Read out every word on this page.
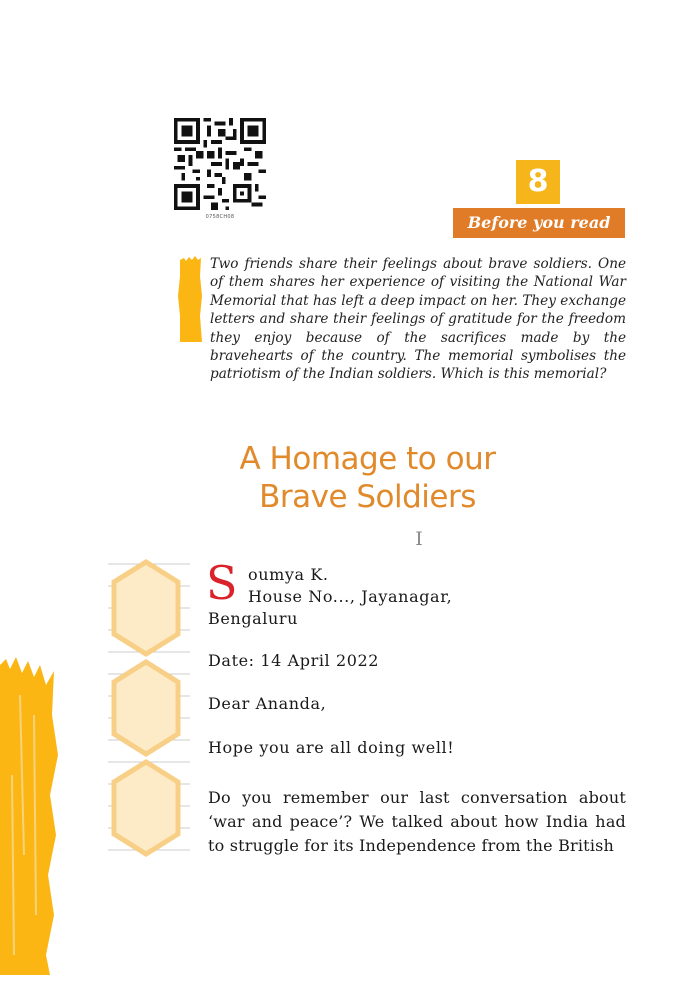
0758CH08
8
Before you read
Two friends share their feelings about brave soldiers. One of them shares her experience of visiting the National War Memorial that has left a deep impact on her. They exchange letters and share their feelings of gratitude for the freedom they enjoy because of the sacrifices made by the bravehearts of the country. The memorial symbolises the patriotism of the Indian soldiers. Which is this memorial?
A Homage to our
Brave Soldiers
I
S oumya K.
House No..., Jayanagar,
Bengaluru
Date: 14 April 2022
Dear Ananda,
Hope you are all doing well!
Do you remember our last conversation about ‘war and peace’? We talked about how India had to struggle for its Independence from the British
